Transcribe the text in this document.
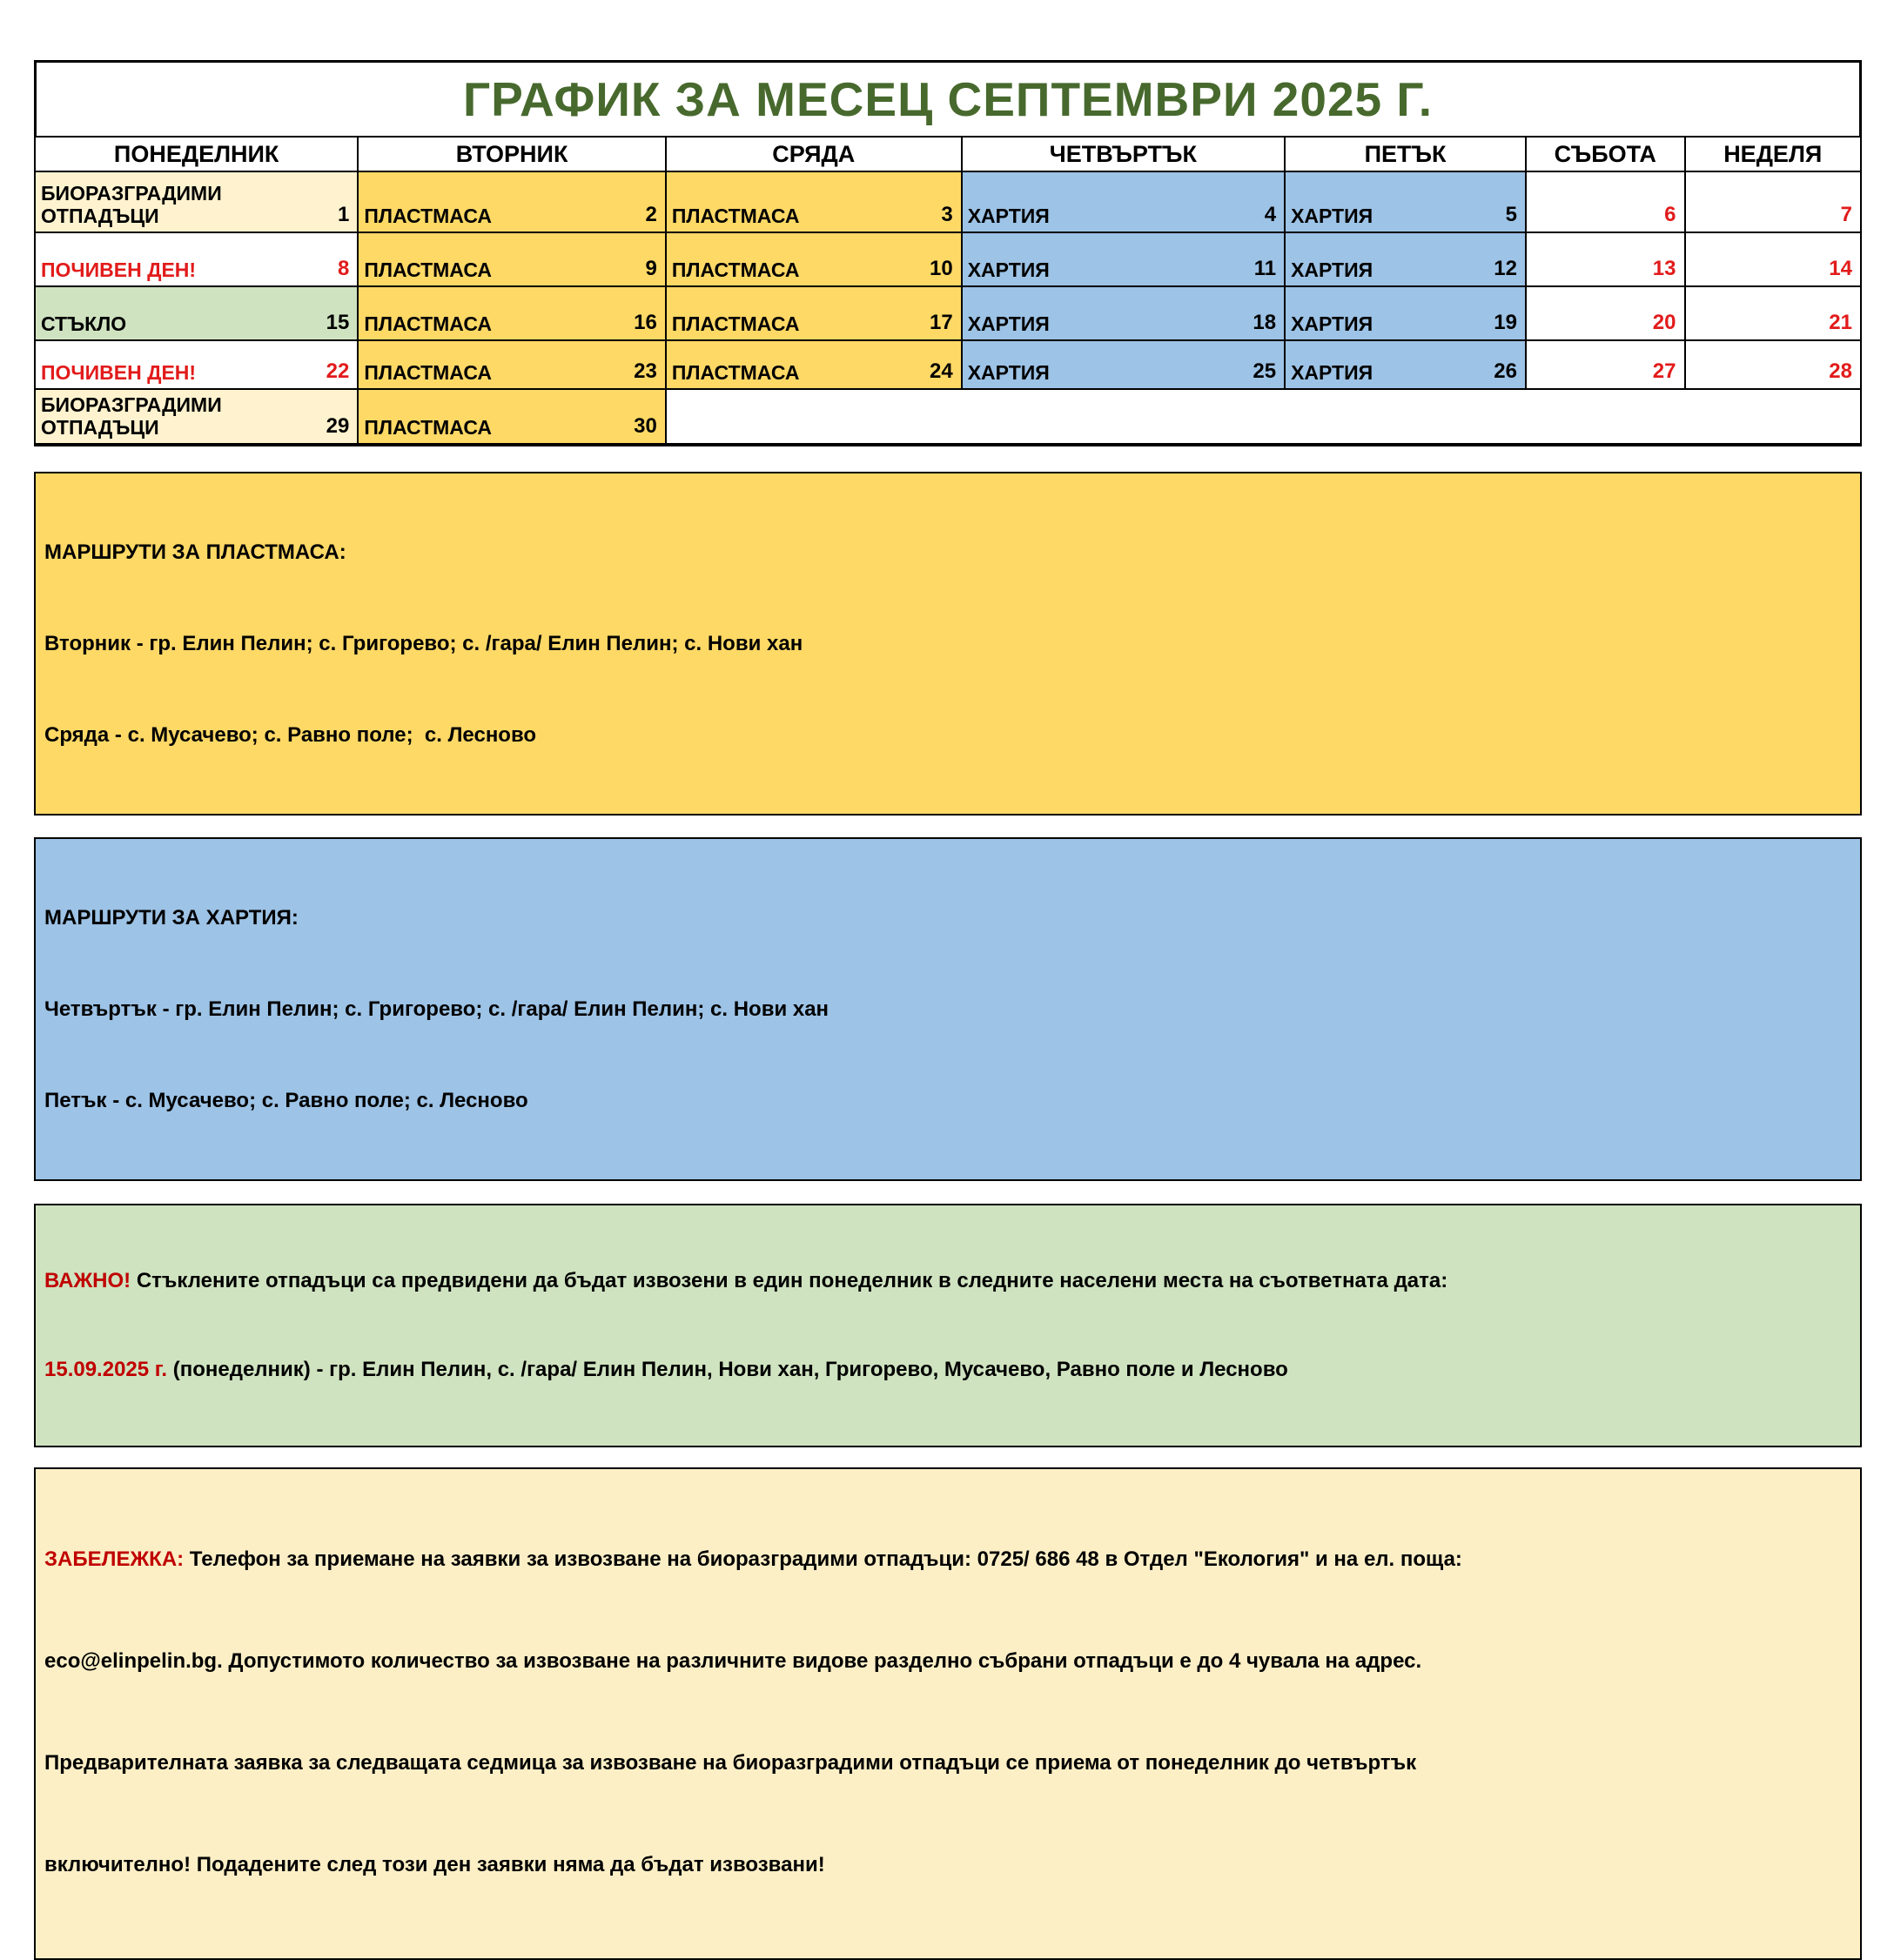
ГРАФИК ЗА МЕСЕЦ СЕПТЕМВРИ 2025 Г.
ПОНЕДЕЛНИК	ВТОРНИК	СРЯДА	ЧЕТВЪРТЪК	ПЕТЪК	СЪБОТА	НЕДЕЛЯ

БИОРАЗГРАДИМИ ОТПАДЪЦИ 1	ПЛАСТМАСА 2	ПЛАСТМАСА 3	ХАРТИЯ 4	ХАРТИЯ 5	6	7

ПОЧИВЕН ДЕН! 8	ПЛАСТМАСА 9	ПЛАСТМАСА 10	ХАРТИЯ 11	ХАРТИЯ 12	13	14

СТЪКЛО 15	ПЛАСТМАСА 16	ПЛАСТМАСА 17	ХАРТИЯ 18	ХАРТИЯ 19	20	21

ПОЧИВЕН ДЕН! 22	ПЛАСТМАСА 23	ПЛАСТМАСА 24	ХАРТИЯ 25	ХАРТИЯ 26	27	28

БИОРАЗГРАДИМИ ОТПАДЪЦИ 29	ПЛАСТМАСА 30					

МАРШРУТИ ЗА ПЛАСТМАСА:

Вторник - гр. Елин Пелин; с. Григорево; с. /гара/ Елин Пелин; с. Нови хан

Сряда - с. Мусачево; с. Равно поле;  с. Лесново

МАРШРУТИ ЗА ХАРТИЯ:

Четвъртък - гр. Елин Пелин; с. Григорево; с. /гара/ Елин Пелин; с. Нови хан

Петък - с. Мусачево; с. Равно поле; с. Лесново

ВАЖНО! Стъклените отпадъци са предвидени да бъдат извозени в един понеделник в следните населени места на съответната дата:

15.09.2025 г. (понеделник) - гр. Елин Пелин, с. /гара/ Елин Пелин, Нови хан, Григорево, Мусачево, Равно поле и Лесново

ЗАБЕЛЕЖКА: Телефон за приемане на заявки за извозване на биоразградими отпадъци: 0725/ 686 48 в Отдел "Екология" и на ел. поща:

eco@elinpelin.bg. Допустимото количество за извозване на различните видове разделно събрани отпадъци е до 4 чувала на адрес.

Предварителната заявка за следващата седмица за извозване на биоразградими отпадъци се приема от понеделник до четвъртък

включително! Подадените след този ден заявки няма да бъдат извозвани!
